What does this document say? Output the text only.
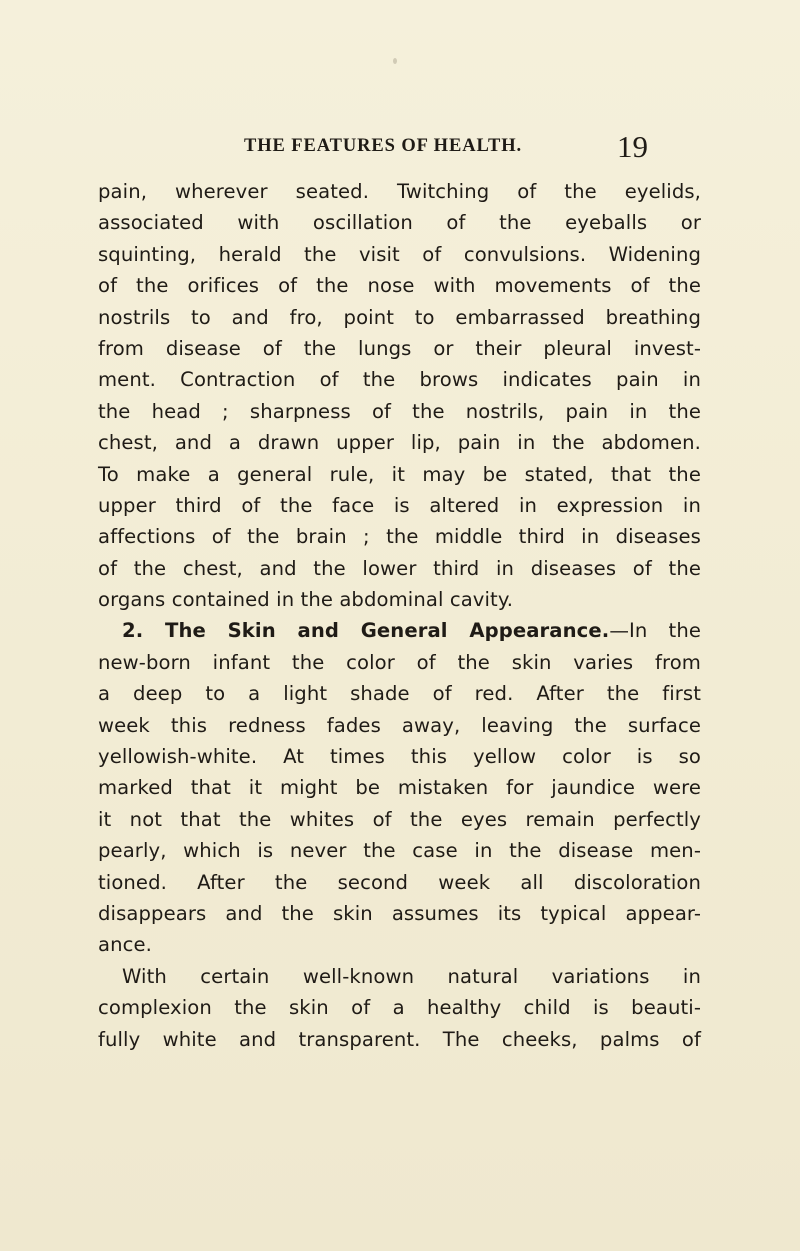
THE FEATURES OF HEALTH.	19
pain, wherever seated. Twitching of the eyelids,
associated with oscillation of the eyeballs or
squinting, herald the visit of convulsions. Widening
of the orifices of the nose with movements of the
nostrils to and fro, point to embarrassed breathing
from disease of the lungs or their pleural invest-
ment. Contraction of the brows indicates pain in
the head ; sharpness of the nostrils, pain in the
chest, and a drawn upper lip, pain in the abdomen.
To make a general rule, it may be stated, that the
upper third of the face is altered in expression in
affections of the brain ; the middle third in diseases
of the chest, and the lower third in diseases of the
organs contained in the abdominal cavity.
2. The Skin and General Appearance.—In the
new-born infant the color of the skin varies from
a deep to a light shade of red. After the first
week this redness fades away, leaving the surface
yellowish-white. At times this yellow color is so
marked that it might be mistaken for jaundice were
it not that the whites of the eyes remain perfectly
pearly, which is never the case in the disease men-
tioned. After the second week all discoloration
disappears and the skin assumes its typical appear-
ance.
With certain well-known natural variations in
complexion the skin of a healthy child is beauti-
fully white and transparent. The cheeks, palms of
